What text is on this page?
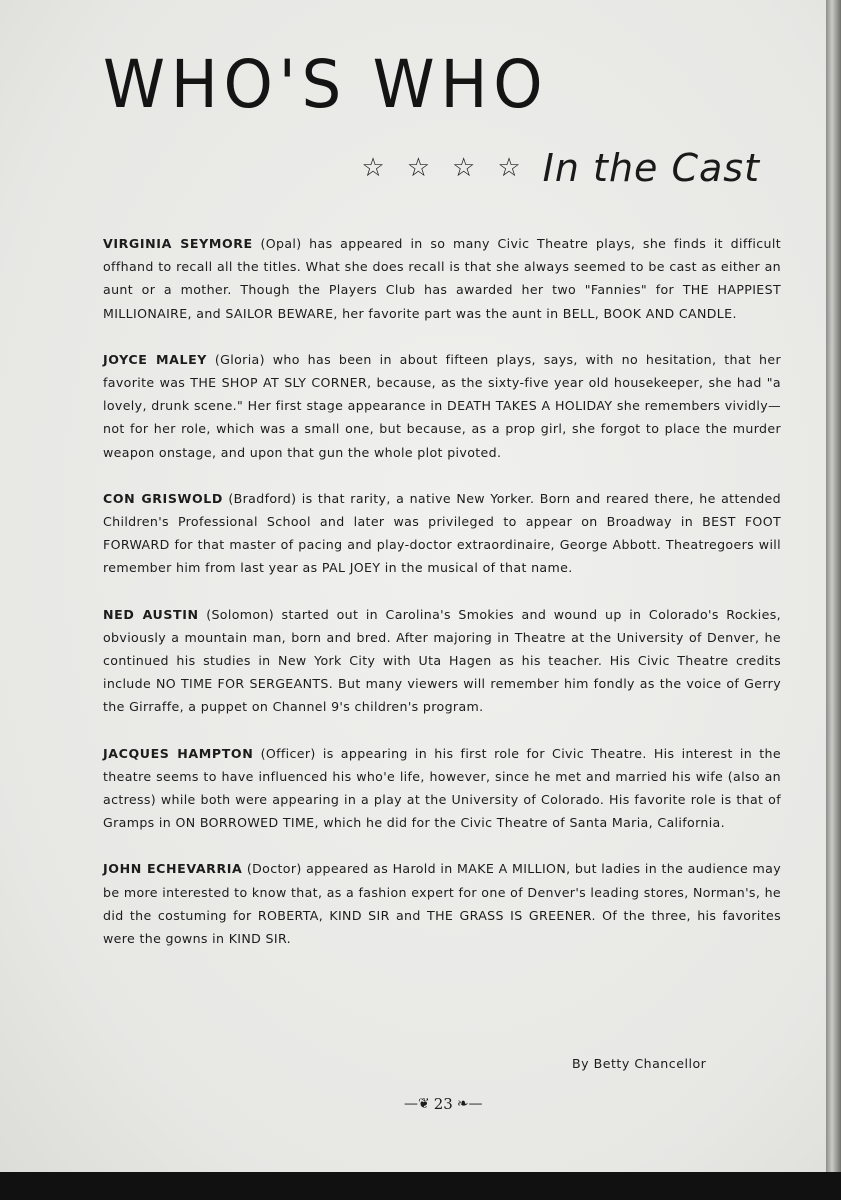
WHO'S WHO
☆ ☆ ☆ ☆ In the Cast

VIRGINIA SEYMORE (Opal) has appeared in so many Civic Theatre plays, she finds it difficult offhand to recall all the titles. What she does recall is that she always seemed to be cast as either an aunt or a mother. Though the Players Club has awarded her two "Fannies" for THE HAPPIEST MILLIONAIRE, and SAILOR BEWARE, her favorite part was the aunt in BELL, BOOK AND CANDLE.

JOYCE MALEY (Gloria) who has been in about fifteen plays, says, with no hesitation, that her favorite was THE SHOP AT SLY CORNER, because, as the sixty-five year old housekeeper, she had "a lovely, drunk scene." Her first stage appearance in DEATH TAKES A HOLIDAY she remembers vividly—not for her role, which was a small one, but because, as a prop girl, she forgot to place the murder weapon onstage, and upon that gun the whole plot pivoted.

CON GRISWOLD (Bradford) is that rarity, a native New Yorker. Born and reared there, he attended Children's Professional School and later was privileged to appear on Broadway in BEST FOOT FORWARD for that master of pacing and play-doctor extraordinaire, George Abbott. Theatregoers will remember him from last year as PAL JOEY in the musical of that name.

NED AUSTIN (Solomon) started out in Carolina's Smokies and wound up in Colorado's Rockies, obviously a mountain man, born and bred. After majoring in Theatre at the University of Denver, he continued his studies in New York City with Uta Hagen as his teacher. His Civic Theatre credits include NO TIME FOR SERGEANTS. But many viewers will remember him fondly as the voice of Gerry the Girraffe, a puppet on Channel 9's children's program.

JACQUES HAMPTON (Officer) is appearing in his first role for Civic Theatre. His interest in the theatre seems to have influenced his who'e life, however, since he met and married his wife (also an actress) while both were appearing in a play at the University of Colorado. His favorite role is that of Gramps in ON BORROWED TIME, which he did for the Civic Theatre of Santa Maria, California.

JOHN ECHEVARRIA (Doctor) appeared as Harold in MAKE A MILLION, but ladies in the audience may be more interested to know that, as a fashion expert for one of Denver's leading stores, Norman's, he did the costuming for ROBERTA, KIND SIR and THE GRASS IS GREENER. Of the three, his favorites were the gowns in KIND SIR.

By Betty Chancellor
—❦ 23 ❧—
